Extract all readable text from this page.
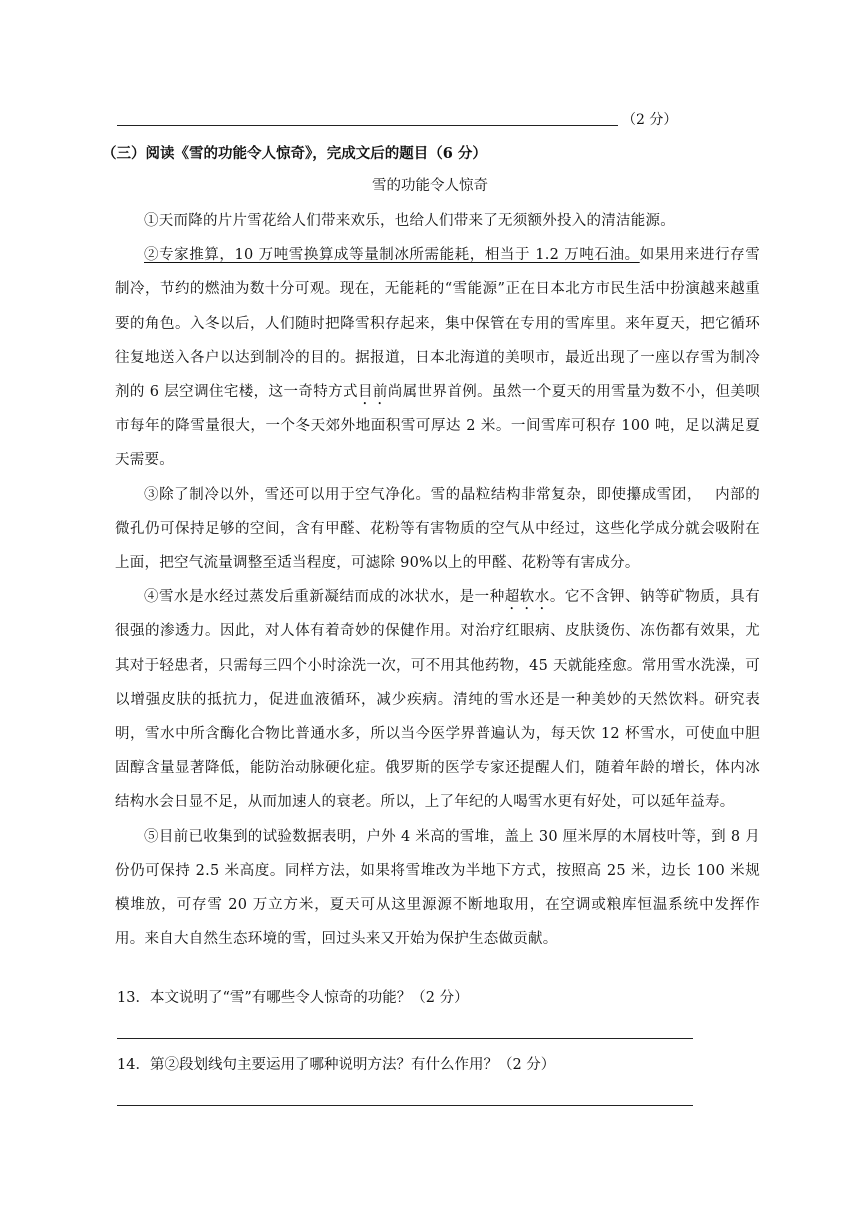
（2 分）
（三）阅读《雪的功能令人惊奇》，完成文后的题目（6 分）
雪的功能令人惊奇

①天而降的片片雪花给人们带来欢乐，也给人们带来了无须额外投入的清洁能源。

②专家推算，10 万吨雪换算成等量制冰所需能耗，相当于 1.2 万吨石油。如果用来进行存雪制冷，节约的燃油为数十分可观。现在，无能耗的“雪能源”正在日本北方市民生活中扮演越来越重要的角色。入冬以后，人们随时把降雪积存起来，集中保管在专用的雪库里。来年夏天，把它循环往复地送入各户以达到制冷的目的。据报道，日本北海道的美呗市，最近出现了一座以存雪为制冷剂的 6 层空调住宅楼，这一奇特方式目前尚属世界首例。虽然一个夏天的用雪量为数不小，但美呗市每年的降雪量很大，一个冬天郊外地面积雪可厚达 2 米。一间雪库可积存 100 吨，足以满足夏天需要。

③除了制冷以外，雪还可以用于空气净化。雪的晶粒结构非常复杂，即使攥成雪团，　 内部的微孔仍可保持足够的空间，含有甲醛、花粉等有害物质的空气从中经过，这些化学成分就会吸附在上面，把空气流量调整至适当程度，可滤除 90%以上的甲醛、花粉等有害成分。

④雪水是水经过蒸发后重新凝结而成的冰状水，是一种超软水。它不含钾、钠等矿物质，具有很强的渗透力。因此，对人体有着奇妙的保健作用。对治疗红眼病、皮肤烫伤、冻伤都有效果，尤其对于轻患者，只需每三四个小时涂洗一次，可不用其他药物，45 天就能痊愈。常用雪水洗澡，可以增强皮肤的抵抗力，促进血液循环，减少疾病。清纯的雪水还是一种美妙的天然饮料。研究表明，雪水中所含酶化合物比普通水多，所以当今医学界普遍认为，每天饮 12 杯雪水，可使血中胆固醇含量显著降低，能防治动脉硬化症。俄罗斯的医学专家还提醒人们，随着年龄的增长，体内冰结构水会日显不足，从而加速人的衰老。所以，上了年纪的人喝雪水更有好处，可以延年益寿。

⑤目前已收集到的试验数据表明，户外 4 米高的雪堆，盖上 30 厘米厚的木屑枝叶等，到 8 月份仍可保持 2.5 米高度。同样方法，如果将雪堆改为半地下方式，按照高 25 米，边长 100 米规模堆放，可存雪 20 万立方米，夏天可从这里源源不断地取用，在空调或粮库恒温系统中发挥作用。来自大自然生态环境的雪，回过头来又开始为保护生态做贡献。

13．本文说明了“雪”有哪些令人惊奇的功能？（2 分）
14．第②段划线句主要运用了哪种说明方法？有什么作用？（2 分）
